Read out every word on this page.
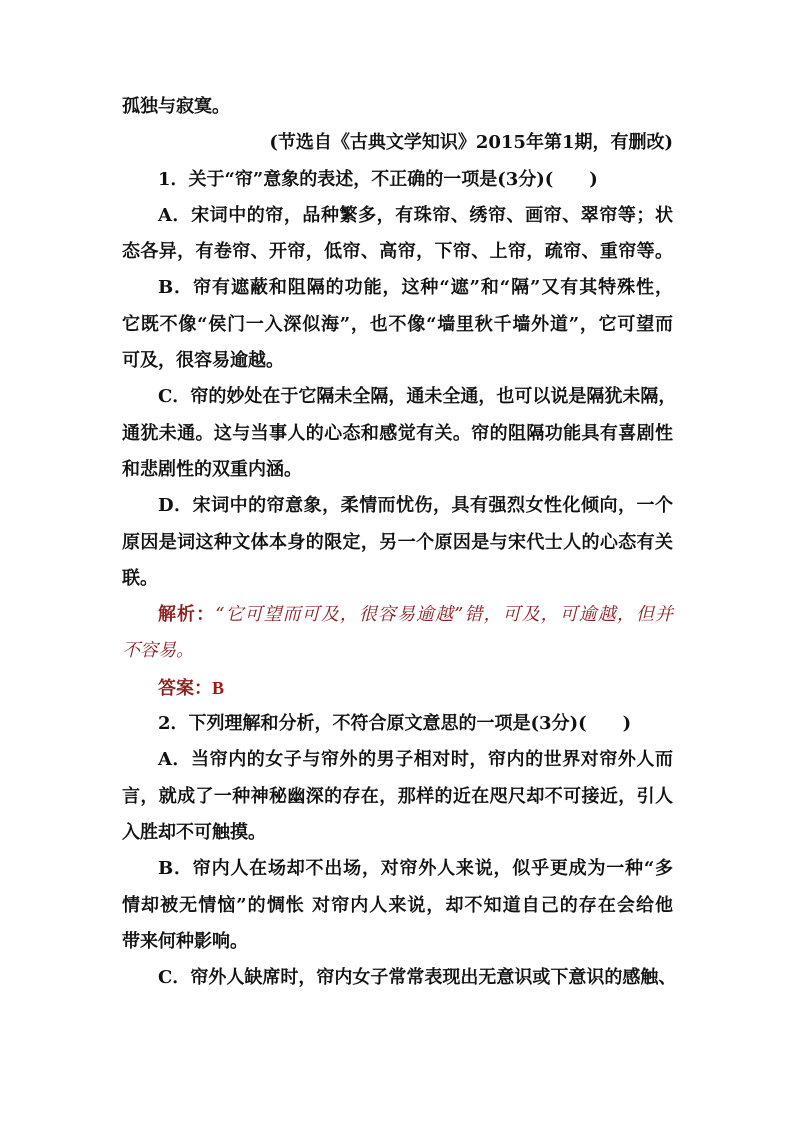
孤独与寂寞。
(节选自《古典文学知识》2015年第1期，有删改)
1．关于“帘”意象的表述，不正确的一项是(3分)(　　)
A．宋词中的帘，品种繁多，有珠帘、绣帘、画帘、翠帘等；状
态各异，有卷帘、开帘，低帘、高帘，下帘、上帘，疏帘、重帘等。
B．帘有遮蔽和阻隔的功能，这种“遮”和“隔”又有其特殊性，
它既不像“侯门一入深似海”，也不像“墙里秋千墙外道”，它可望而
可及，很容易逾越。
C．帘的妙处在于它隔未全隔，通未全通，也可以说是隔犹未隔，
通犹未通。这与当事人的心态和感觉有关。帘的阻隔功能具有喜剧性
和悲剧性的双重内涵。
D．宋词中的帘意象，柔情而忧伤，具有强烈女性化倾向，一个
原因是词这种文体本身的限定，另一个原因是与宋代士人的心态有关
联。
解析：“它可望而可及，很容易逾越”错，可及，可逾越，但并
不容易。
答案：B
2．下列理解和分析，不符合原文意思的一项是(3分)(　　)
A．当帘内的女子与帘外的男子相对时，帘内的世界对帘外人而
言，就成了一种神秘幽深的存在，那样的近在咫尺却不可接近，引人
入胜却不可触摸。
B．帘内人在场却不出场，对帘外人来说，似乎更成为一种“多
情却被无情恼”的惆怅 对帘内人来说，却不知道自己的存在会给他
带来何种影响。
C．帘外人缺席时，帘内女子常常表现出无意识或下意识的感触、
